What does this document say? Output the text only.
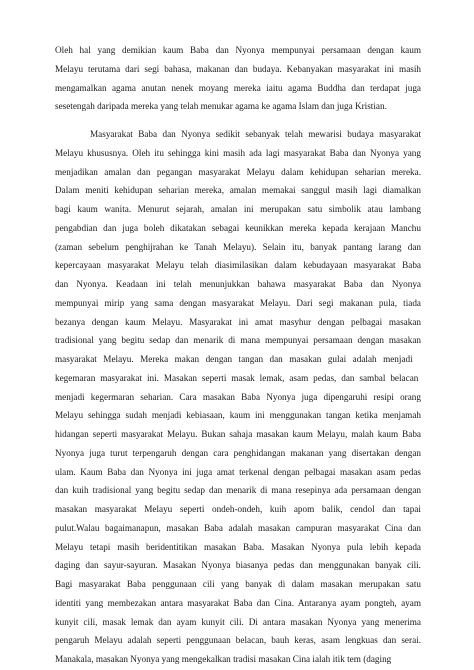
Oleh hal yang demikian kaum Baba dan Nyonya mempunyai persamaan dengan kaum
Melayu terutama dari segi bahasa, makanan dan budaya. Kebanyakan masyarakat ini masih
mengamalkan agama anutan nenek moyang mereka iaitu agama Buddha dan terdapat juga
sesetengah daripada mereka yang telah menukar agama ke agama Islam dan juga Kristian.
Masyarakat Baba dan Nyonya sedikit sebanyak telah mewarisi budaya masyarakat
Melayu khususnya. Oleh itu sehingga kini masih ada lagi masyarakat Baba dan Nyonya yang
menjadikan amalan dan pegangan masyarakat Melayu dalam kehidupan seharian mereka.
Dalam meniti kehidupan seharian mereka, amalan memakai sanggul masih lagi diamalkan
bagi kaum wanita. Menurut sejarah, amalan ini merupakan satu simbolik atau lambang
pengabdian dan juga boleh dikatakan sebagai keunikkan mereka kepada kerajaan Manchu
(zaman sebelum penghijrahan ke Tanah Melayu). Selain itu, banyak pantang larang dan
kepercayaan masyarakat Melayu telah diasimilasikan dalam kebudayaan masyarakat Baba
dan Nyonya. Keadaan ini telah menunjukkan bahawa masyarakat Baba dan Nyonya
mempunyai mirip yang sama dengan masyarakat Melayu. Dari segi makanan pula, tiada
bezanya dengan kaum Melayu. Masyarakat ini amat masyhur dengan pelbagai masakan
tradisional yang begitu sedap dan menarik di mana mempunyai persamaan dengan masakan
masyarakat Melayu. Mereka makan dengan tangan dan masakan gulai adalah menjadi
kegemaran masyarakat ini. Masakan seperti masak lemak, asam pedas, dan sambal belacan
menjadi kegermaran seharian. Cara masakan Baba Nyonya juga dipengaruhi resipi orang
Melayu sehingga sudah menjadi kebiasaan, kaum ini menggunakan tangan ketika menjamah
hidangan seperti masyarakat Melayu. Bukan sahaja masakan kaum Melayu, malah kaum Baba
Nyonya juga turut terpengaruh dengan cara penghidangan makanan yang disertakan dengan
ulam. Kaum Baba dan Nyonya ini juga amat terkenal dengan pelbagai masakan asam pedas
dan kuih tradisional yang begitu sedap dan menarik di mana resepinya ada persamaan dengan
masakan masyarakat Melayu seperti ondeh-ondeh, kuih apom balik, cendol dan tapai
pulut.Walau bagaimanapun, masakan Baba adalah masakan campuran masyarakat Cina dan
Melayu tetapi masih beridentitikan masakan Baba. Masakan Nyonya pula lebih kepada
daging dan sayur-sayuran. Masakan Nyonya biasanya pedas dan menggunakan banyak cili.
Bagi masyarakat Baba penggunaan cili yang banyak di dalam masakan merupakan satu
identiti yang membezakan antara masyarakat Baba dan Cina. Antaranya ayam pongteh, ayam
kunyit cili, masak lemak dan ayam kunyit cili. Di antara masakan Nyonya yang menerima
pengaruh Melayu adalah seperti penggunaan belacan, bauh keras, asam lengkuas dan serai.
Manakala, masakan Nyonya yang mengekalkan tradisi masakan Cina ialah itik tem (daging
